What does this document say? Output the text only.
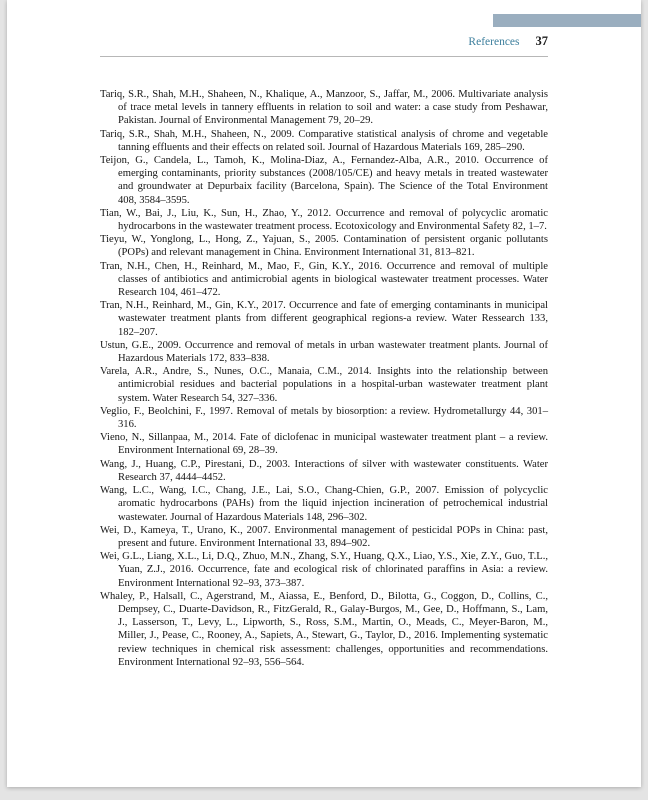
References 37

Tariq, S.R., Shah, M.H., Shaheen, N., Khalique, A., Manzoor, S., Jaffar, M., 2006. Multivariate analysis of trace metal levels in tannery effluents in relation to soil and water: a case study from Peshawar, Pakistan. Journal of Environmental Management 79, 20–29.

Tariq, S.R., Shah, M.H., Shaheen, N., 2009. Comparative statistical analysis of chrome and vegetable tanning effluents and their effects on related soil. Journal of Hazardous Materials 169, 285–290.

Teijon, G., Candela, L., Tamoh, K., Molina-Diaz, A., Fernandez-Alba, A.R., 2010. Occurrence of emerging contaminants, priority substances (2008/105/CE) and heavy metals in treated wastewater and groundwater at Depurbaix facility (Barcelona, Spain). The Science of the Total Environment 408, 3584–3595.

Tian, W., Bai, J., Liu, K., Sun, H., Zhao, Y., 2012. Occurrence and removal of polycyclic aromatic hydrocarbons in the wastewater treatment process. Ecotoxicology and Environmental Safety 82, 1–7.

Tieyu, W., Yonglong, L., Hong, Z., Yajuan, S., 2005. Contamination of persistent organic pollutants (POPs) and relevant management in China. Environment International 31, 813–821.

Tran, N.H., Chen, H., Reinhard, M., Mao, F., Gin, K.Y., 2016. Occurrence and removal of multiple classes of antibiotics and antimicrobial agents in biological wastewater treatment processes. Water Research 104, 461–472.

Tran, N.H., Reinhard, M., Gin, K.Y., 2017. Occurrence and fate of emerging contaminants in municipal wastewater treatment plants from different geographical regions-a review. Water Ressearch 133, 182–207.

Ustun, G.E., 2009. Occurrence and removal of metals in urban wastewater treatment plants. Journal of Hazardous Materials 172, 833–838.

Varela, A.R., Andre, S., Nunes, O.C., Manaia, C.M., 2014. Insights into the relationship between antimicrobial residues and bacterial populations in a hospital-urban wastewater treatment plant system. Water Research 54, 327–336.

Veglio, F., Beolchini, F., 1997. Removal of metals by biosorption: a review. Hydrometallurgy 44, 301–316.

Vieno, N., Sillanpaa, M., 2014. Fate of diclofenac in municipal wastewater treatment plant – a review. Environment International 69, 28–39.

Wang, J., Huang, C.P., Pirestani, D., 2003. Interactions of silver with wastewater constituents. Water Research 37, 4444–4452.

Wang, L.C., Wang, I.C., Chang, J.E., Lai, S.O., Chang-Chien, G.P., 2007. Emission of polycyclic aromatic hydrocarbons (PAHs) from the liquid injection incineration of petrochemical industrial wastewater. Journal of Hazardous Materials 148, 296–302.

Wei, D., Kameya, T., Urano, K., 2007. Environmental management of pesticidal POPs in China: past, present and future. Environment International 33, 894–902.

Wei, G.L., Liang, X.L., Li, D.Q., Zhuo, M.N., Zhang, S.Y., Huang, Q.X., Liao, Y.S., Xie, Z.Y., Guo, T.L., Yuan, Z.J., 2016. Occurrence, fate and ecological risk of chlorinated paraffins in Asia: a review. Environment International 92–93, 373–387.

Whaley, P., Halsall, C., Agerstrand, M., Aiassa, E., Benford, D., Bilotta, G., Coggon, D., Collins, C., Dempsey, C., Duarte-Davidson, R., FitzGerald, R., Galay-Burgos, M., Gee, D., Hoffmann, S., Lam, J., Lasserson, T., Levy, L., Lipworth, S., Ross, S.M., Martin, O., Meads, C., Meyer-Baron, M., Miller, J., Pease, C., Rooney, A., Sapiets, A., Stewart, G., Taylor, D., 2016. Implementing systematic review techniques in chemical risk assessment: challenges, opportunities and recommendations. Environment International 92–93, 556–564.
